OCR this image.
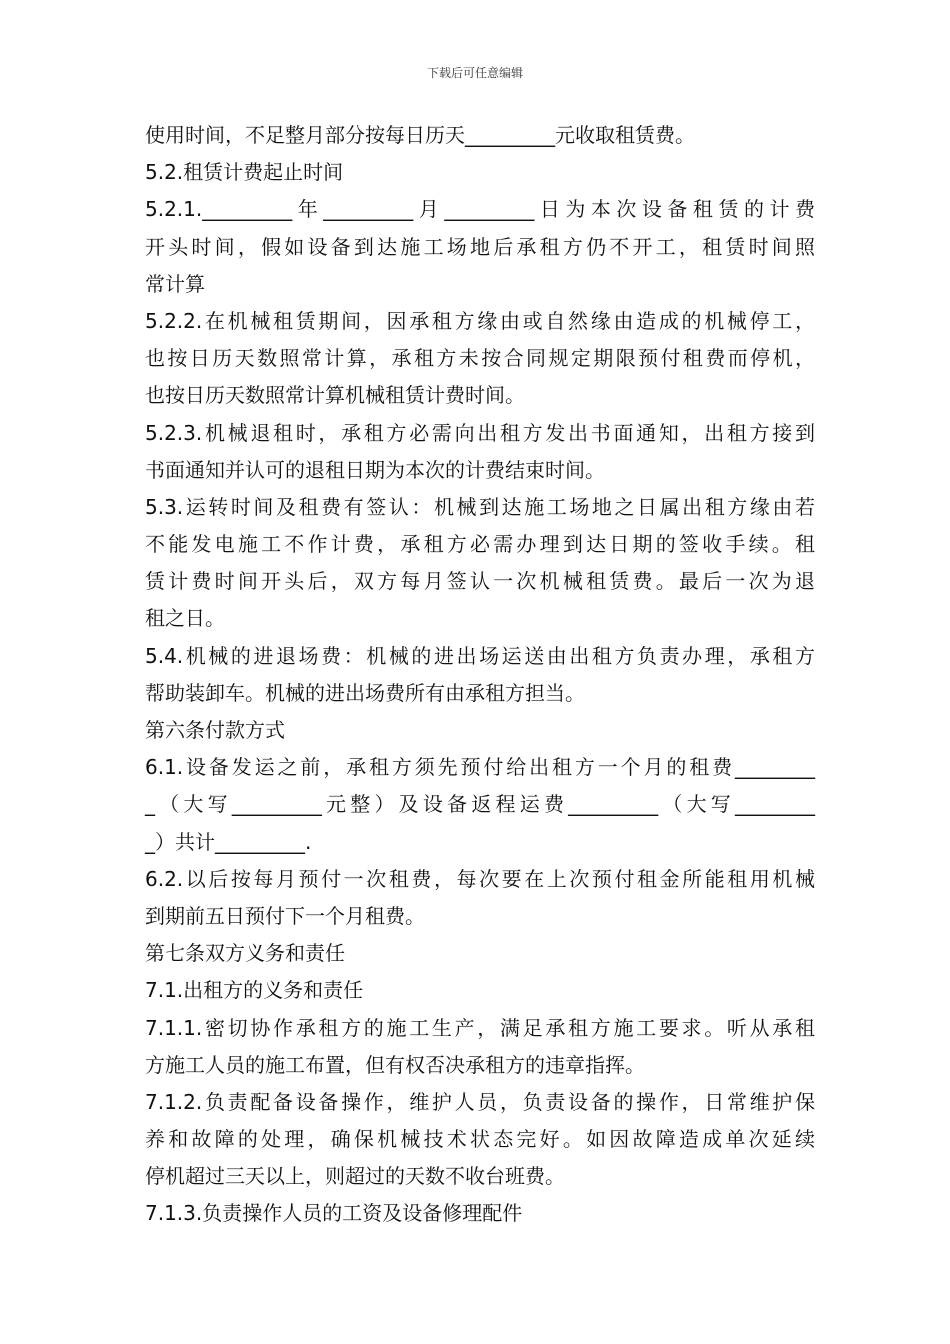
下载后可任意编辑
使用时间，不足整月部分按每日历天_________元收取租赁费。
5.2.租赁计费起止时间
5.2.1._________年_________月_________日为本次设备租赁的计费
开头时间，假如设备到达施工场地后承租方仍不开工，租赁时间照
常计算
5.2.2.在机械租赁期间，因承租方缘由或自然缘由造成的机械停工，
也按日历天数照常计算，承租方未按合同规定期限预付租费而停机，
也按日历天数照常计算机械租赁计费时间。
5.2.3.机械退租时，承租方必需向出租方发出书面通知，出租方接到
书面通知并认可的退租日期为本次的计费结束时间。
5.3.运转时间及租费有签认：机械到达施工场地之日属出租方缘由若
不能发电施工不作计费，承租方必需办理到达日期的签收手续。租
赁计费时间开头后，双方每月签认一次机械租赁费。最后一次为退
租之日。
5.4.机械的进退场费：机械的进出场运送由出租方负责办理，承租方
帮助装卸车。机械的进出场费所有由承租方担当。
第六条付款方式
6.1.设备发运之前，承租方须先预付给出租方一个月的租费________
_（大写_________元整）及设备返程运费_________（大写________
_）共计_________.
6.2.以后按每月预付一次租费，每次要在上次预付租金所能租用机械
到期前五日预付下一个月租费。
第七条双方义务和责任
7.1.出租方的义务和责任
7.1.1.密切协作承租方的施工生产，满足承租方施工要求。听从承租
方施工人员的施工布置，但有权否决承租方的违章指挥。
7.1.2.负责配备设备操作，维护人员，负责设备的操作，日常维护保
养和故障的处理，确保机械技术状态完好。如因故障造成单次延续
停机超过三天以上，则超过的天数不收台班费。
7.1.3.负责操作人员的工资及设备修理配件
